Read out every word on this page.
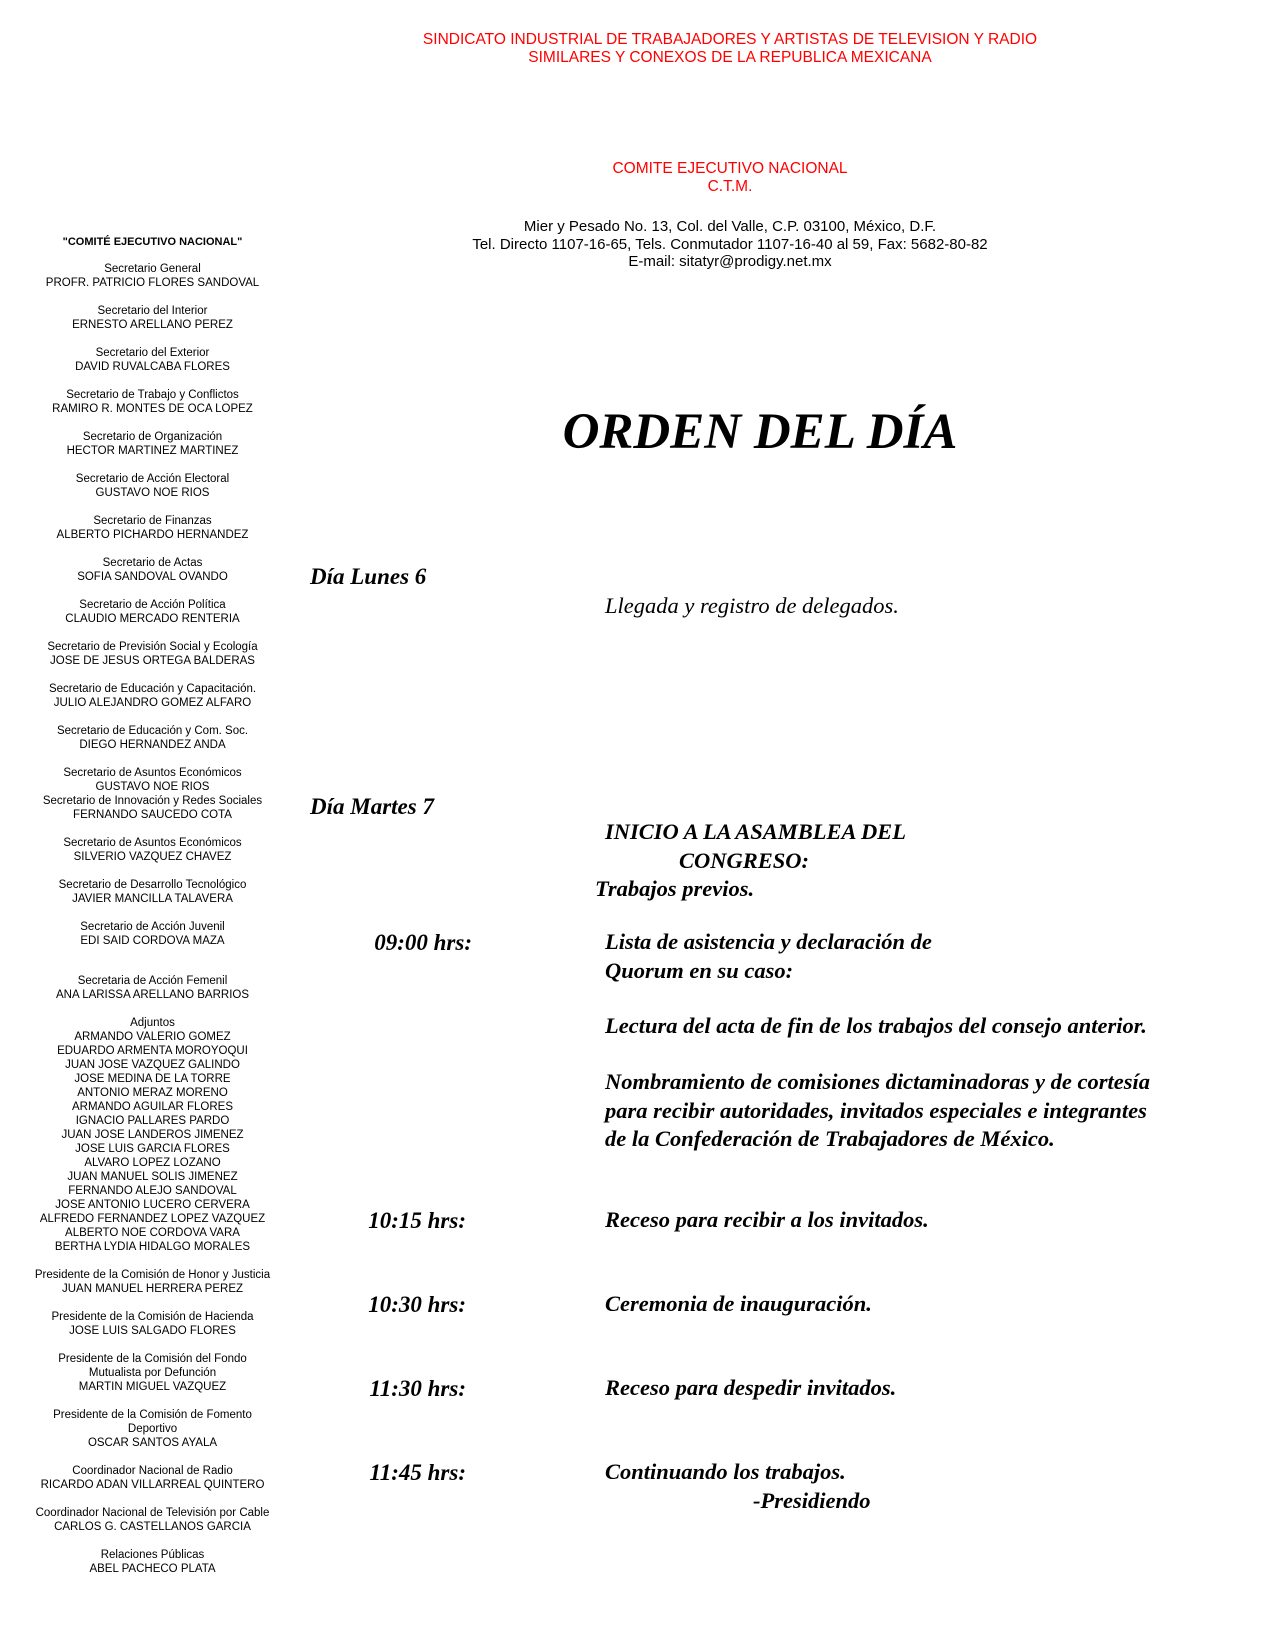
SINDICATO INDUSTRIAL DE TRABAJADORES Y ARTISTAS DE TELEVISION Y RADIO
SIMILARES Y CONEXOS DE LA REPUBLICA MEXICANA
COMITE EJECUTIVO NACIONAL
C.T.M.
Mier y Pesado No. 13, Col. del Valle, C.P. 03100, México, D.F.
Tel. Directo 1107-16-65, Tels. Conmutador 1107-16-40 al 59, Fax: 5682-80-82
E-mail: sitatyr@prodigy.net.mx
"COMITÉ EJECUTIVO NACIONAL"
Secretario General
PROFR. PATRICIO FLORES SANDOVAL
Secretario del Interior
ERNESTO ARELLANO PEREZ
Secretario del Exterior
DAVID RUVALCABA FLORES
Secretario de Trabajo y Conflictos
RAMIRO R. MONTES DE OCA LOPEZ
Secretario de Organización
HECTOR MARTINEZ MARTINEZ
Secretario de Acción Electoral
GUSTAVO NOE RIOS
Secretario de Finanzas
ALBERTO PICHARDO HERNANDEZ
Secretario de Actas
SOFIA SANDOVAL OVANDO
Secretario de Acción Política
CLAUDIO MERCADO RENTERIA
Secretario de Previsión Social y Ecología
JOSE DE JESUS ORTEGA BALDERAS
Secretario de Educación y Capacitación.
JULIO ALEJANDRO GOMEZ ALFARO
Secretario de Educación y Com. Soc.
DIEGO HERNANDEZ ANDA
Secretario de Asuntos Económicos
GUSTAVO NOE RIOS
Secretario de Innovación y Redes Sociales
FERNANDO SAUCEDO COTA
Secretario de Asuntos Económicos
SILVERIO VAZQUEZ CHAVEZ
Secretario de Desarrollo Tecnológico
JAVIER MANCILLA TALAVERA
Secretario de Acción Juvenil
EDI SAID CORDOVA MAZA
Secretaria de Acción Femenil
ANA LARISSA ARELLANO BARRIOS
Adjuntos
ARMANDO VALERIO GOMEZ
EDUARDO ARMENTA MOROYOQUI
JUAN JOSE VAZQUEZ GALINDO
JOSE MEDINA DE LA TORRE
ANTONIO MERAZ MORENO
ARMANDO AGUILAR FLORES
IGNACIO PALLARES PARDO
JUAN JOSE LANDEROS JIMENEZ
JOSE LUIS GARCIA FLORES
ALVARO LOPEZ LOZANO
JUAN MANUEL SOLIS JIMENEZ
FERNANDO ALEJO SANDOVAL
JOSE ANTONIO LUCERO CERVERA
ALFREDO FERNANDEZ LOPEZ VAZQUEZ
ALBERTO NOE CORDOVA VARA
BERTHA LYDIA HIDALGO MORALES
Presidente de la Comisión de Honor y Justicia
JUAN MANUEL HERRERA PEREZ
Presidente de la Comisión de Hacienda
JOSE LUIS SALGADO FLORES
Presidente de la Comisión del Fondo
Mutualista por Defunción
MARTIN MIGUEL VAZQUEZ
Presidente de la Comisión de Fomento
Deportivo
OSCAR SANTOS AYALA
Coordinador Nacional de Radio
RICARDO ADAN VILLARREAL QUINTERO
Coordinador Nacional de Televisión por Cable
CARLOS G. CASTELLANOS GARCIA
Relaciones Públicas
ABEL PACHECO PLATA
ORDEN DEL DÍA
Día Lunes 6
Llegada y registro de delegados.
Día Martes 7
INICIO A LA ASAMBLEA DEL
CONGRESO:
Trabajos previos.
09:00 hrs:	Lista de asistencia y declaración de
Quorum en su caso:
Lectura del acta de fin de los trabajos del consejo anterior.
Nombramiento de comisiones dictaminadoras y de cortesía
para recibir autoridades, invitados especiales e integrantes
de la Confederación de Trabajadores de México.
10:15 hrs:	Receso para recibir a los invitados.
10:30 hrs:	Ceremonia de inauguración.
11:30 hrs:	Receso para despedir invitados.
11:45 hrs:	Continuando los trabajos.
-Presidiendo
